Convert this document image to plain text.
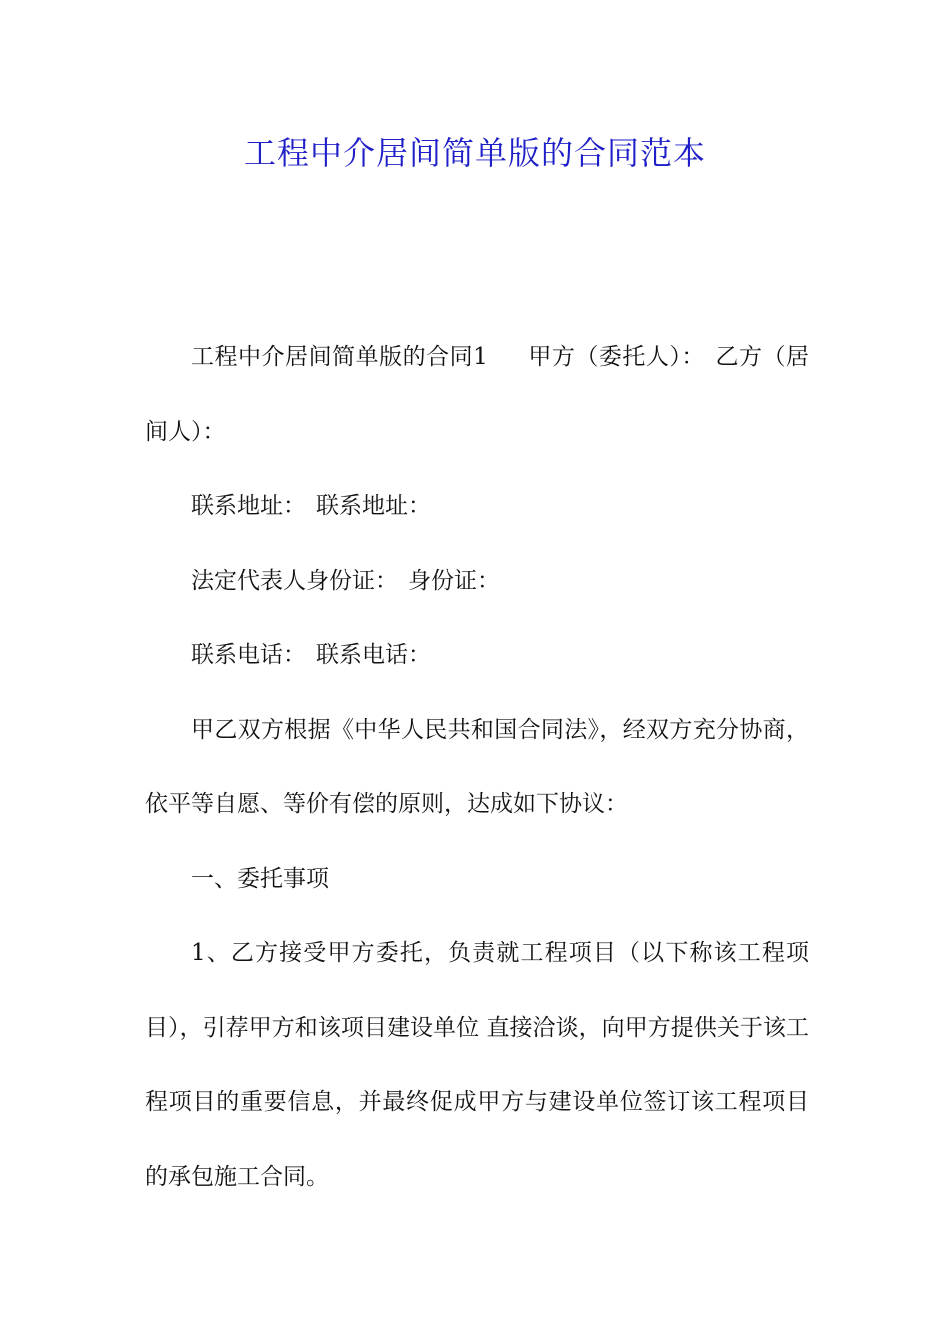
工程中介居间简单版的合同范本

工程中介居间简单版的合同1 甲方（委托人）： 乙方（居间人）：

联系地址： 联系地址：

法定代表人身份证： 身份证：

联系电话： 联系电话：

甲乙双方根据《中华人民共和国合同法》，经双方充分协商，依平等自愿、等价有偿的原则，达成如下协议：

一、委托事项

1、乙方接受甲方委托，负责就工程项目（以下称该工程项目），引荐甲方和该项目建设单位 直接洽谈，向甲方提供关于该工程项目的重要信息，并最终促成甲方与建设单位签订该工程项目的承包施工合同。
